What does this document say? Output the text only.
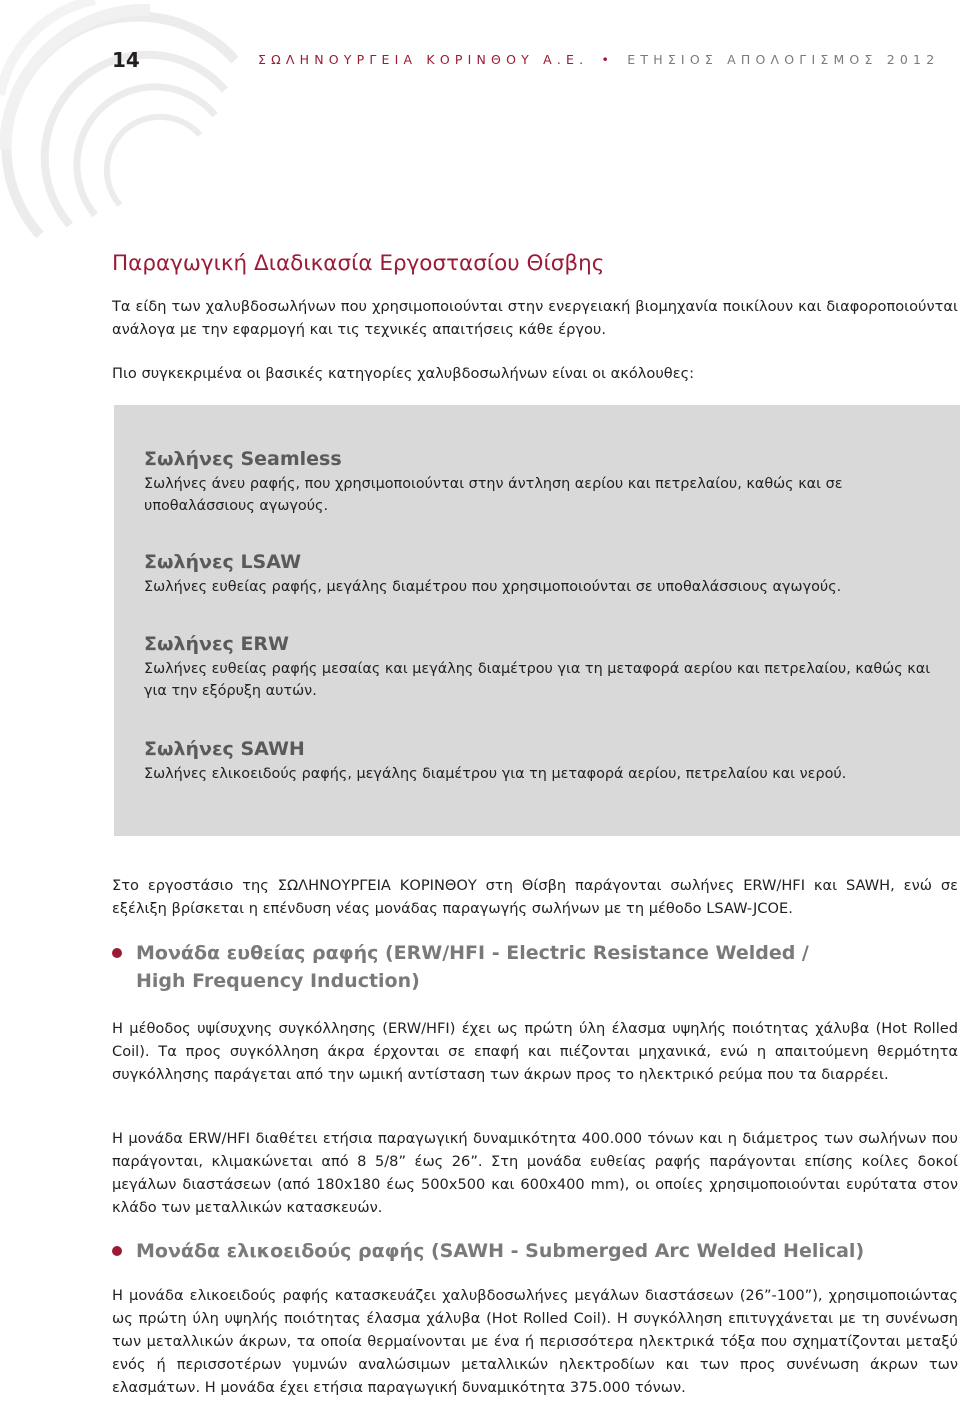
14	ΣΩΛΗΝΟΥΡΓΕΙΑ ΚΟΡΙΝΘΟΥ Α.Ε. • ΕΤΗΣΙΟΣ ΑΠΟΛΟΓΙΣΜΟΣ 2012
Παραγωγική Διαδικασία Εργοστασίου Θίσβης

Τα είδη των χαλυβδοσωλήνων που χρησιμοποιούνται στην ενεργειακή βιομηχανία ποικίλουν και διαφοροποιούνται ανάλογα με την εφαρμογή και τις τεχνικές απαιτήσεις κάθε έργου.

Πιο συγκεκριμένα οι βασικές κατηγορίες χαλυβδοσωλήνων είναι οι ακόλουθες:

Σωλήνες Seamless

Σωλήνες άνευ ραφής, που χρησιμοποιούνται στην άντληση αερίου και πετρελαίου, καθώς και σε υποθαλάσσιους αγωγούς.

Σωλήνες LSAW

Σωλήνες ευθείας ραφής, μεγάλης διαμέτρου που χρησιμοποιούνται σε υποθαλάσσιους αγωγούς.

Σωλήνες ERW

Σωλήνες ευθείας ραφής μεσαίας και μεγάλης διαμέτρου για τη μεταφορά αερίου και πετρελαίου, καθώς και για την εξόρυξη αυτών.

Σωλήνες SAWH

Σωλήνες ελικοειδούς ραφής, μεγάλης διαμέτρου για τη μεταφορά αερίου, πετρελαίου και νερού.

Στο εργοστάσιο της ΣΩΛΗΝΟΥΡΓΕΙΑ ΚΟΡΙΝΘΟΥ στη Θίσβη παράγονται σωλήνες ERW/HFI και SAWH, ενώ σε εξέλιξη βρίσκεται η επένδυση νέας μονάδας παραγωγής σωλήνων με τη μέθοδο LSAW-JCOE.

Μονάδα ευθείας ραφής (ERW/HFI - Electric Resistance Welded /
High Frequency Induction)

Η μέθοδος υψίσυχνης συγκόλλησης (ERW/HFI) έχει ως πρώτη ύλη έλασμα υψηλής ποιότητας χάλυβα (Hot Rolled Coil). Τα προς συγκόλληση άκρα έρχονται σε επαφή και πιέζονται μηχανικά, ενώ η απαιτούμενη θερμότητα συγκόλλησης παράγεται από την ωμική αντίσταση των άκρων προς το ηλεκτρικό ρεύμα που τα διαρρέει.

Η μονάδα ERW/HFI διαθέτει ετήσια παραγωγική δυναμικότητα 400.000 τόνων και η διάμετρος των σωλήνων που παράγονται, κλιμακώνεται από 8 5/8” έως 26”. Στη μονάδα ευθείας ραφής παράγονται επίσης κοίλες δοκοί μεγάλων διαστάσεων (από 180x180 έως 500x500 και 600x400 mm), οι οποίες χρησιμοποιούνται ευρύτατα στον κλάδο των μεταλλικών κατασκευών.

Μονάδα ελικοειδούς ραφής (SAWH - Submerged Arc Welded Helical)

Η μονάδα ελικοειδούς ραφής κατασκευάζει χαλυβδοσωλήνες μεγάλων διαστάσεων (26”-100”), χρησιμοποιώντας ως πρώτη ύλη υψηλής ποιότητας έλασμα χάλυβα (Hot Rolled Coil). Η συγκόλληση επιτυγχάνεται με τη συνένωση των μεταλλικών άκρων, τα οποία θερμαίνονται με ένα ή περισσότερα ηλεκτρικά τόξα που σχηματίζονται μεταξύ ενός ή περισσοτέρων γυμνών αναλώσιμων μεταλλικών ηλεκτροδίων και των προς συνένωση άκρων των ελασμάτων. Η μονάδα έχει ετήσια παραγωγική δυναμικότητα 375.000 τόνων.
